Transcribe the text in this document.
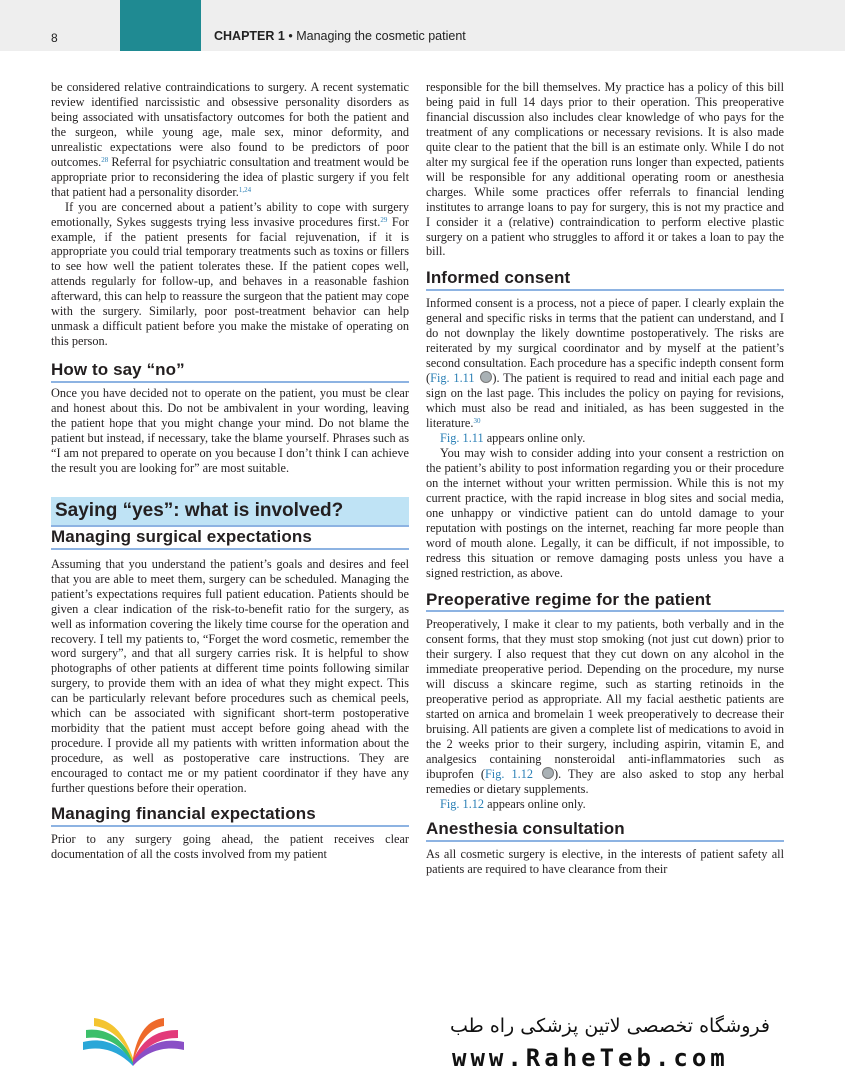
8	CHAPTER 1 • Managing the cosmetic patient

be considered relative contraindications to surgery. A recent systematic review identified narcissistic and obsessive personality disorders as being associated with unsatisfactory outcomes for both the patient and the surgeon, while young age, male sex, minor deformity, and unrealistic expectations were also found to be predictors of poor outcomes.$^{28}$ Referral for psychiatric consultation and treatment would be appropriate prior to reconsidering the idea of plastic surgery if you felt that patient had a personality disorder.$^{1,24}$

If you are concerned about a patient’s ability to cope with surgery emotionally, Sykes suggests trying less invasive procedures first.$^{29}$ For example, if the patient presents for facial rejuvenation, if it is appropriate you could trial temporary treatments such as toxins or fillers to see how well the patient tolerates these. If the patient copes well, attends regularly for follow-up, and behaves in a reasonable fashion afterward, this can help to reassure the surgeon that the patient may cope with the surgery. Similarly, poor post-treatment behavior can help unmask a difficult patient before you make the mistake of operating on this person.

How to say “no”

Once you have decided not to operate on the patient, you must be clear and honest about this. Do not be ambivalent in your wording, leaving the patient hope that you might change your mind. Do not blame the patient but instead, if necessary, take the blame yourself. Phrases such as “I am not prepared to operate on you because I don’t think I can achieve the result you are looking for” are most suitable.

Saying “yes”: what is involved?
Managing surgical expectations

Assuming that you understand the patient’s goals and desires and feel that you are able to meet them, surgery can be scheduled. Managing the patient’s expectations requires full patient education. Patients should be given a clear indication of the risk-to-benefit ratio for the surgery, as well as information covering the likely time course for the operation and recovery. I tell my patients to, “Forget the word cosmetic, remember the word surgery”, and that all surgery carries risk. It is helpful to show photographs of other patients at different time points following similar surgery, to provide them with an idea of what they might expect. This can be particularly relevant before procedures such as chemical peels, which can be associated with significant short-term postoperative morbidity that the patient must accept before going ahead with the procedure. I provide all my patients with written information about the procedure, as well as postoperative care instructions. They are encouraged to contact me or my patient coordinator if they have any further questions before their operation.

Managing financial expectations

Prior to any surgery going ahead, the patient receives clear documentation of all the costs involved from my patient

responsible for the bill themselves. My practice has a policy of this bill being paid in full 14 days prior to their operation. This preoperative financial discussion also includes clear knowledge of who pays for the treatment of any complications or necessary revisions. It is also made quite clear to the patient that the bill is an estimate only. While I do not alter my surgical fee if the operation runs longer than expected, patients will be responsible for any additional operating room or anesthesia charges. While some practices offer referrals to financial lending institutes to arrange loans to pay for surgery, this is not my practice and I consider it a (relative) contraindication to perform elective plastic surgery on a patient who struggles to afford it or takes a loan to pay the bill.

Informed consent

Informed consent is a process, not a piece of paper. I clearly explain the general and specific risks in terms that the patient can understand, and I do not downplay the likely downtime postoperatively. The risks are reiterated by my surgical coordinator and by myself at the patient’s second consultation. Each procedure has a specific indepth consent form (Fig. 1.11 ). The patient is required to read and initial each page and sign on the last page. This includes the policy on paying for revisions, which must also be read and initialed, as has been suggested in the literature.$^{30}$

Fig. 1.11 appears online only.

You may wish to consider adding into your consent a restriction on the patient’s ability to post information regarding you or their procedure on the internet without your written permission. While this is not my current practice, with the rapid increase in blog sites and social media, one unhappy or vindictive patient can do untold damage to your reputation with postings on the internet, reaching far more people than word of mouth alone. Legally, it can be difficult, if not impossible, to redress this situation or remove damaging posts unless you have a signed restriction, as above.

Preoperative regime for the patient

Preoperatively, I make it clear to my patients, both verbally and in the consent forms, that they must stop smoking (not just cut down) prior to their surgery. I also request that they cut down on any alcohol in the immediate preoperative period. Depending on the procedure, my nurse will discuss a skincare regime, such as starting retinoids in the preoperative period as appropriate. All my facial aesthetic patients are started on arnica and bromelain 1 week preoperatively to decrease their bruising. All patients are given a complete list of medications to avoid in the 2 weeks prior to their surgery, including aspirin, vitamin E, and analgesics containing nonsteroidal anti-inflammatories such as ibuprofen (Fig. 1.12 ). They are also asked to stop any herbal remedies or dietary supplements.

Fig. 1.12 appears online only.

Anesthesia consultation

As all cosmetic surgery is elective, in the interests of patient safety all patients are required to have clearance from their

فروشگاه تخصصی لاتین پزشکی راه طب
www.RaheTeb.com
